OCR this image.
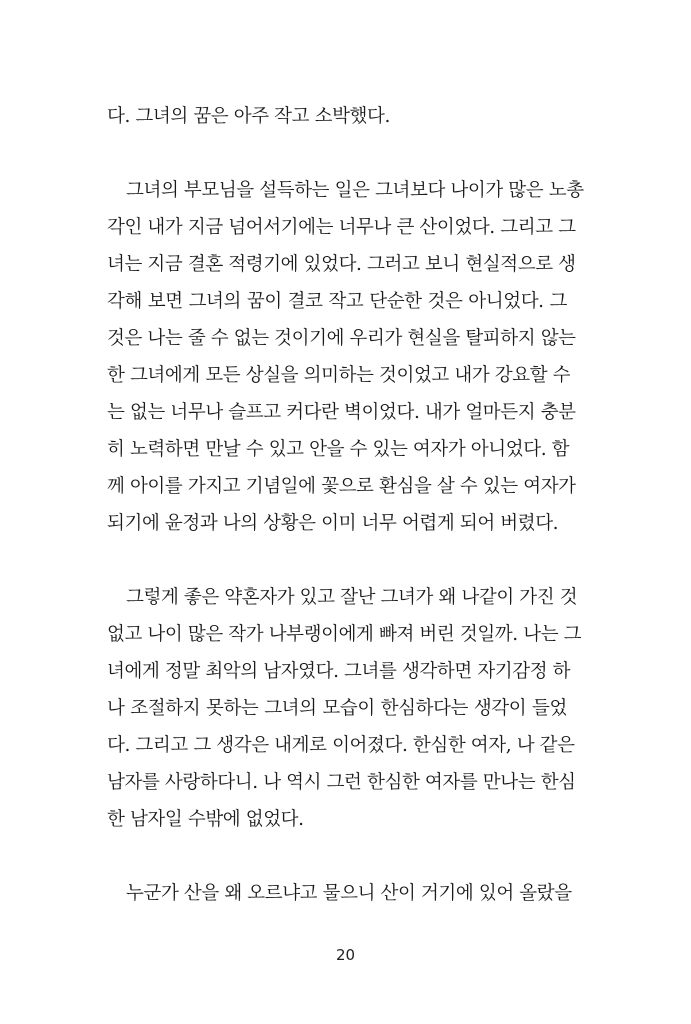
다. 그녀의 꿈은 아주 작고 소박했다.
그녀의 부모님을 설득하는 일은 그녀보다 나이가 많은 노총
각인 내가 지금 넘어서기에는 너무나 큰 산이었다. 그리고 그
녀는 지금 결혼 적령기에 있었다. 그러고 보니 현실적으로 생
각해 보면 그녀의 꿈이 결코 작고 단순한 것은 아니었다. 그
것은 나는 줄 수 없는 것이기에 우리가 현실을 탈피하지 않는
한 그녀에게 모든 상실을 의미하는 것이었고 내가 강요할 수
는 없는 너무나 슬프고 커다란 벽이었다. 내가 얼마든지 충분
히 노력하면 만날 수 있고 안을 수 있는 여자가 아니었다. 함
께 아이를 가지고 기념일에 꽃으로 환심을 살 수 있는 여자가
되기에 윤정과 나의 상황은 이미 너무 어렵게 되어 버렸다.
그렇게 좋은 약혼자가 있고 잘난 그녀가 왜 나같이 가진 것
없고 나이 많은 작가 나부랭이에게 빠져 버린 것일까. 나는 그
녀에게 정말 최악의 남자였다. 그녀를 생각하면 자기감정 하
나 조절하지 못하는 그녀의 모습이 한심하다는 생각이 들었
다. 그리고 그 생각은 내게로 이어졌다. 한심한 여자, 나 같은
남자를 사랑하다니. 나 역시 그런 한심한 여자를 만나는 한심
한 남자일 수밖에 없었다.
누군가 산을 왜 오르냐고 물으니 산이 거기에 있어 올랐을
20
